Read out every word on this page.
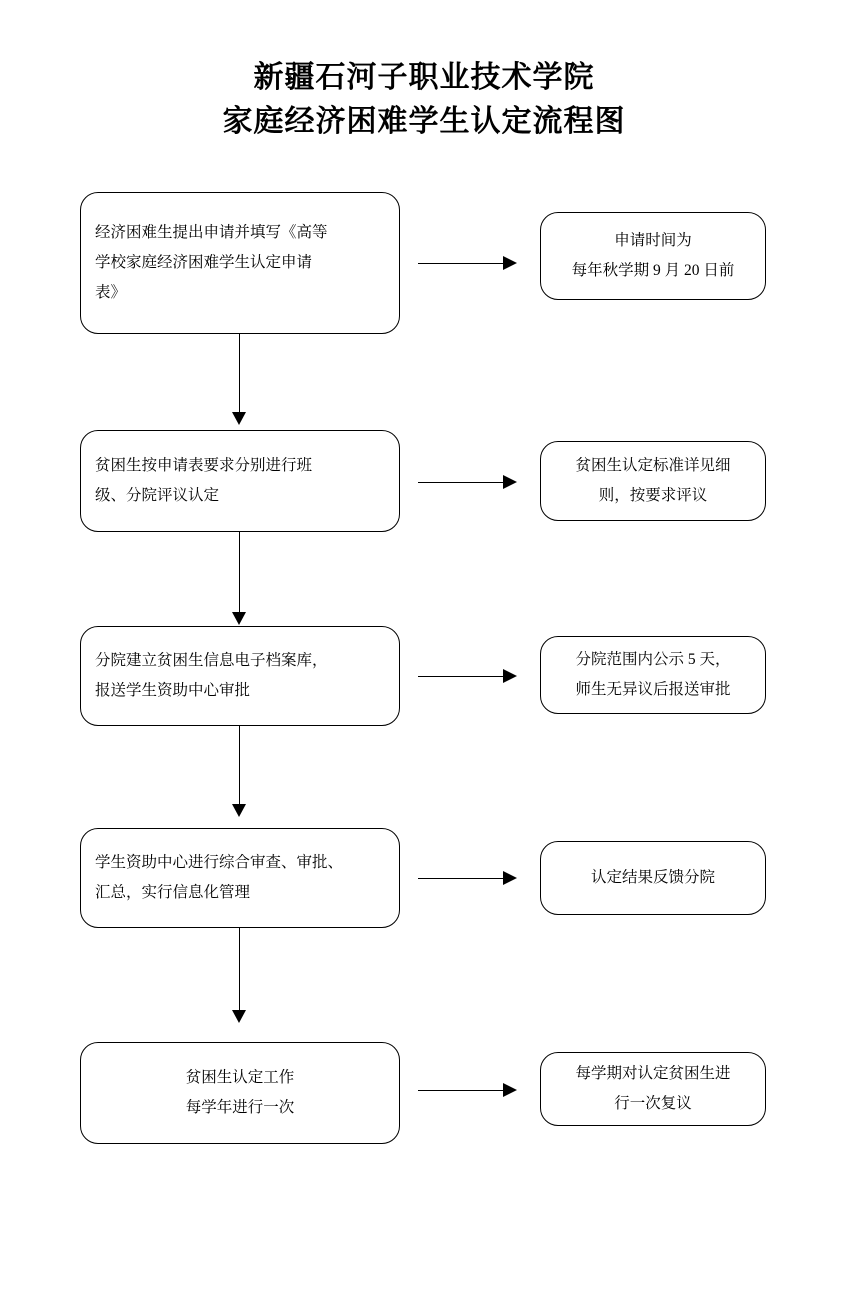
新疆石河子职业技术学院
家庭经济困难学生认定流程图
经济困难生提出申请并填写《高等
学校家庭经济困难学生认定申请
表》
申请时间为
每年秋学期 9 月 20 日前
贫困生按申请表要求分别进行班
级、分院评议认定
贫困生认定标准详见细
则，按要求评议
分院建立贫困生信息电子档案库，
报送学生资助中心审批
分院范围内公示 5 天，
师生无异议后报送审批
学生资助中心进行综合审查、审批、
汇总，实行信息化管理
认定结果反馈分院
贫困生认定工作
每学年进行一次
每学期对认定贫困生进
行一次复议
